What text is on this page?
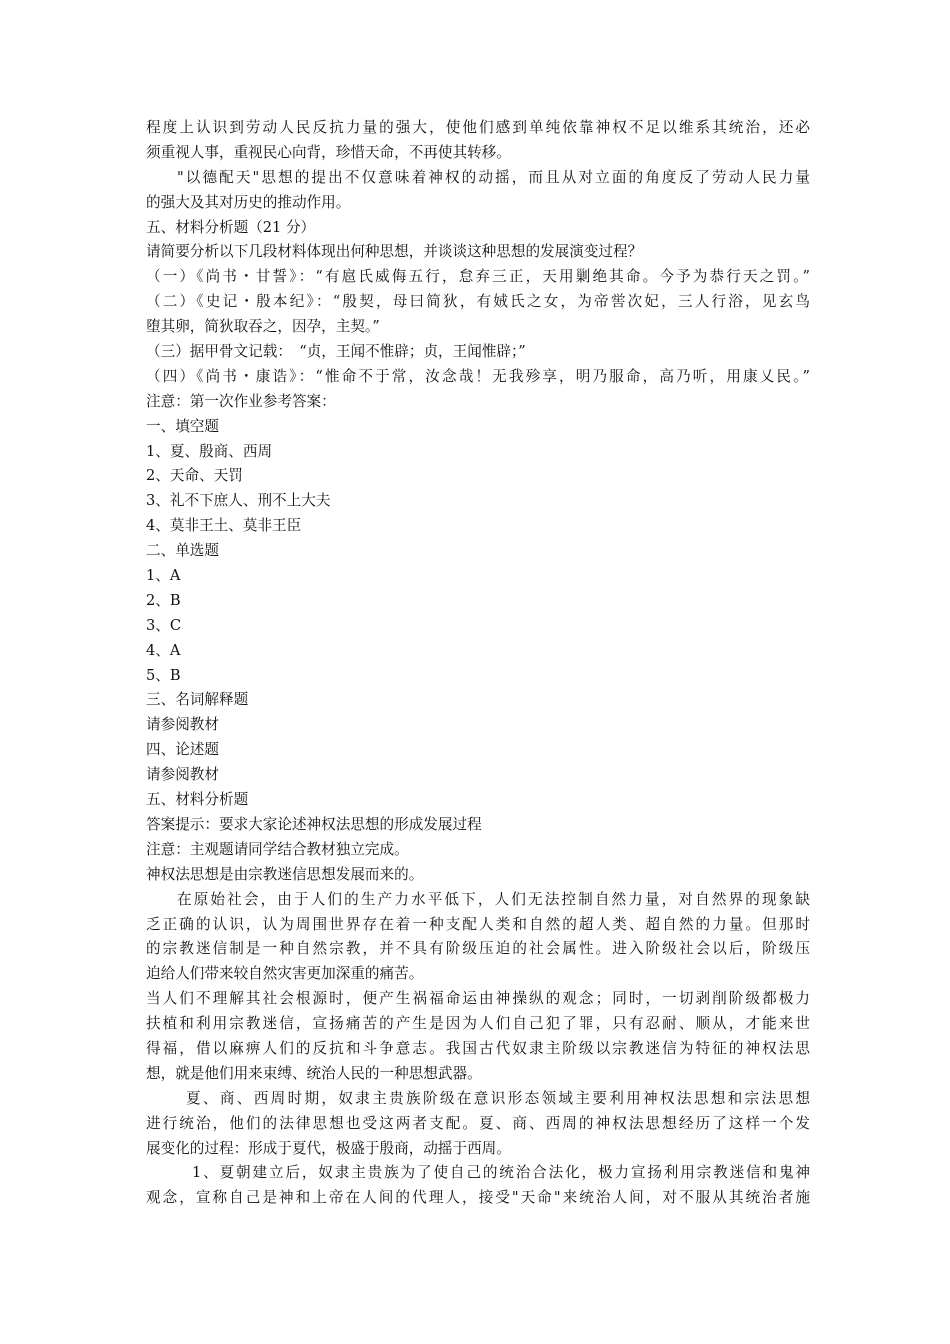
程度上认识到劳动人民反抗力量的强大，使他们感到单纯依靠神权不足以维系其统治，还必
须重视人事，重视民心向背，珍惜天命，不再使其转移。
"以德配天"思想的提出不仅意味着神权的动摇，而且从对立面的角度反了劳动人民力量
的强大及其对历史的推动作用。
五、材料分析题（21 分）
请简要分析以下几段材料体现出何种思想，并谈谈这种思想的发展演变过程？
（一）《尚书・甘誓》：“有扈氏威侮五行，怠弃三正，天用剿绝其命。今予为恭行天之罚。”
（二）《史记・殷本纪》：“殷契，母曰简狄，有娀氏之女，为帝喾次妃，三人行浴，见玄鸟
堕其卵，简狄取吞之，因孕，主契。”
（三）据甲骨文记载：　“贞，王闻不惟辟；贞，王闻惟辟；”
（四）《尚书・康诰》：“惟命不于常，汝念哉！无我殄享，明乃服命，高乃听，用康乂民。”
注意：第一次作业参考答案：
一、填空题
1、夏、殷商、西周
2、天命、天罚
3、礼不下庶人、刑不上大夫
4、莫非王土、莫非王臣
二、单选题
1、A
2、B
3、C
4、A
5、B
三、名词解释题
请参阅教材
四、论述题
请参阅教材
五、材料分析题
答案提示：要求大家论述神权法思想的形成发展过程
注意：主观题请同学结合教材独立完成。
神权法思想是由宗教迷信思想发展而来的。
在原始社会，由于人们的生产力水平低下，人们无法控制自然力量，对自然界的现象缺
乏正确的认识，认为周围世界存在着一种支配人类和自然的超人类、超自然的力量。但那时
的宗教迷信制是一种自然宗教，并不具有阶级压迫的社会属性。进入阶级社会以后，阶级压
迫给人们带来较自然灾害更加深重的痛苦。
当人们不理解其社会根源时，便产生祸福命运由神操纵的观念；同时，一切剥削阶级都极力
扶植和利用宗教迷信，宣扬痛苦的产生是因为人们自己犯了罪，只有忍耐、顺从，才能来世
得福，借以麻痹人们的反抗和斗争意志。我国古代奴隶主阶级以宗教迷信为特征的神权法思
想，就是他们用来束缚、统治人民的一种思想武器。
夏、商、西周时期，奴隶主贵族阶级在意识形态领域主要利用神权法思想和宗法思想
进行统治，他们的法律思想也受这两者支配。夏、商、西周的神权法思想经历了这样一个发
展变化的过程：形成于夏代，极盛于殷商，动摇于西周。
1、夏朝建立后，奴隶主贵族为了使自己的统治合法化，极力宣扬利用宗教迷信和鬼神
观念，宣称自己是神和上帝在人间的代理人，接受"天命"来统治人间，对不服从其统治者施
